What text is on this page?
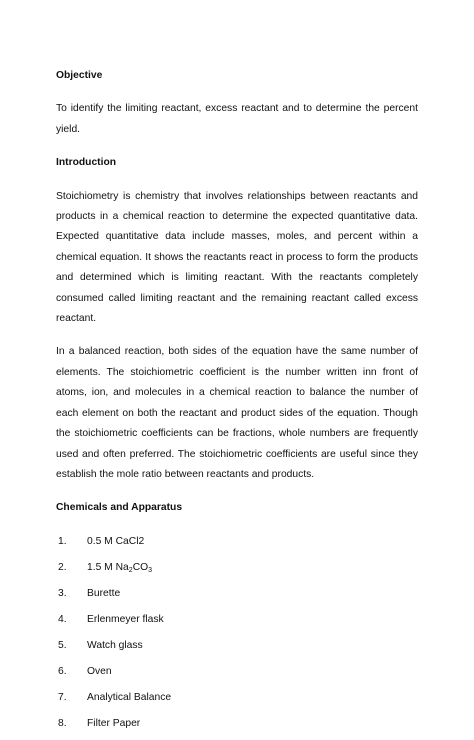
Objective

To identify the limiting reactant, excess reactant and to determine the percent yield.

Introduction

Stoichiometry is chemistry that involves relationships between reactants and products in a chemical reaction to determine the expected quantitative data. Expected quantitative data include masses, moles, and percent within a chemical equation. It shows the reactants react in process to form the products and determined which is limiting reactant. With the reactants completely consumed called limiting reactant and the remaining reactant called excess reactant.

In a balanced reaction, both sides of the equation have the same number of elements. The stoichiometric coefficient is the number written inn front of atoms, ion, and molecules in a chemical reaction to balance the number of each element on both the reactant and product sides of the equation. Though the stoichiometric coefficients can be fractions, whole numbers are frequently used and often preferred. The stoichiometric coefficients are useful since they establish the mole ratio between reactants and products.

Chemicals and Apparatus

1. 0.5 M CaCl2
2. 1.5 M $Na_2CO_3$
3. Burette
4. Erlenmeyer flask
5. Watch glass
6. Oven
7. Analytical Balance
8. Filter Paper
